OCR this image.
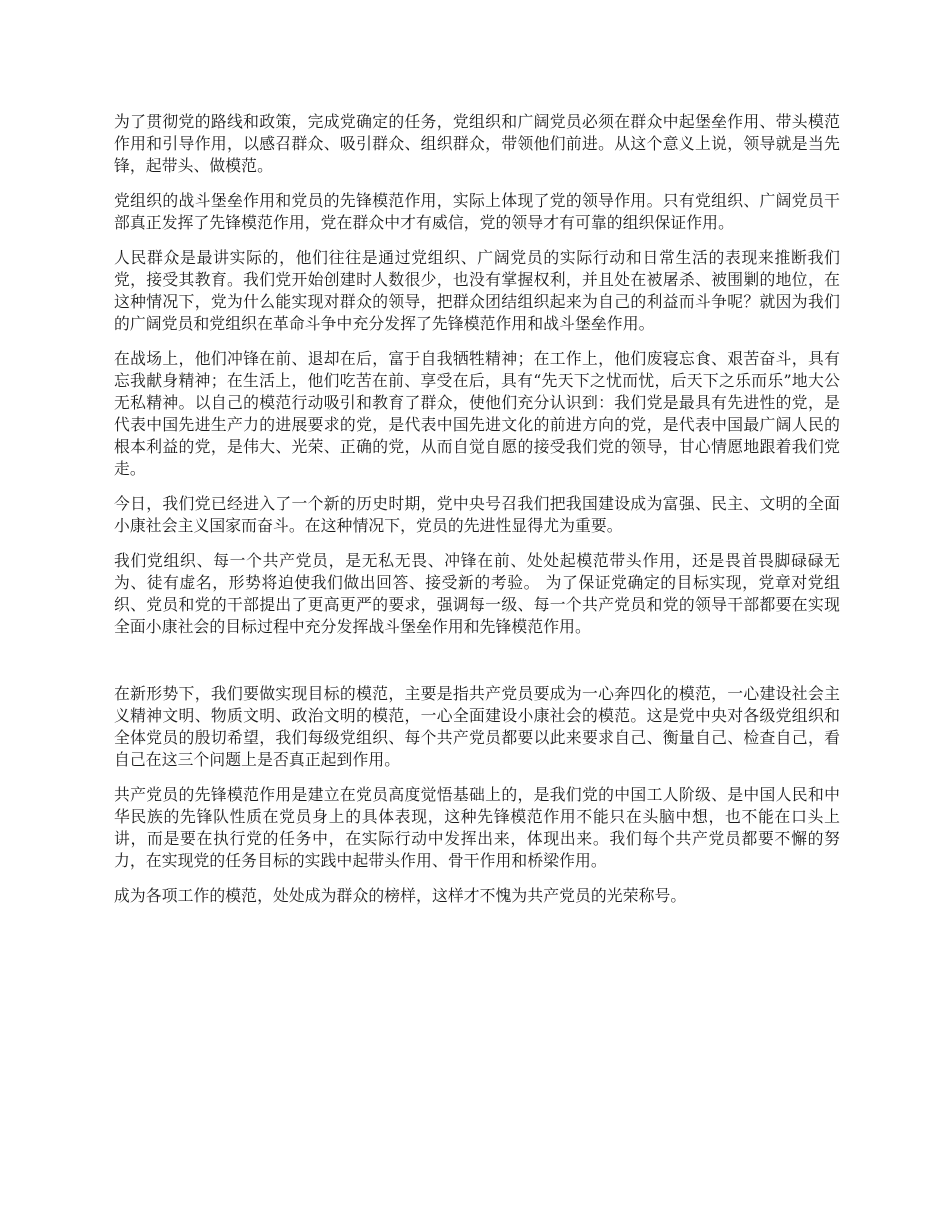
为了贯彻党的路线和政策，完成党确定的任务，党组织和广阔党员必须在群众中起堡垒作用、带头模范作用和引导作用，以感召群众、吸引群众、组织群众，带领他们前进。从这个意义上说，领导就是当先锋，起带头、做模范。

党组织的战斗堡垒作用和党员的先锋模范作用，实际上体现了党的领导作用。只有党组织、广阔党员干部真正发挥了先锋模范作用，党在群众中才有威信，党的领导才有可靠的组织保证作用。

人民群众是最讲实际的，他们往往是通过党组织、广阔党员的实际行动和日常生活的表现来推断我们党，接受其教育。我们党开始创建时人数很少，也没有掌握权利，并且处在被屠杀、被围剿的地位，在这种情况下，党为什么能实现对群众的领导，把群众团结组织起来为自己的利益而斗争呢？就因为我们的广阔党员和党组织在革命斗争中充分发挥了先锋模范作用和战斗堡垒作用。

在战场上，他们冲锋在前、退却在后，富于自我牺牲精神；在工作上，他们废寝忘食、艰苦奋斗，具有忘我献身精神；在生活上，他们吃苦在前、享受在后，具有“先天下之忧而忧，后天下之乐而乐”地大公无私精神。以自己的模范行动吸引和教育了群众，使他们充分认识到：我们党是最具有先进性的党，是代表中国先进生产力的进展要求的党，是代表中国先进文化的前进方向的党，是代表中国最广阔人民的根本利益的党，是伟大、光荣、正确的党，从而自觉自愿的接受我们党的领导，甘心情愿地跟着我们党走。

今日，我们党已经进入了一个新的历史时期，党中央号召我们把我国建设成为富强、民主、文明的全面小康社会主义国家而奋斗。在这种情况下，党员的先进性显得尤为重要。

我们党组织、每一个共产党员，是无私无畏、冲锋在前、处处起模范带头作用，还是畏首畏脚碌碌无为、徒有虚名，形势将迫使我们做出回答、接受新的考验。 为了保证党确定的目标实现，党章对党组织、党员和党的干部提出了更高更严的要求，强调每一级、每一个共产党员和党的领导干部都要在实现全面小康社会的目标过程中充分发挥战斗堡垒作用和先锋模范作用。

在新形势下，我们要做实现目标的模范，主要是指共产党员要成为一心奔四化的模范，一心建设社会主义精神文明、物质文明、政治文明的模范，一心全面建设小康社会的模范。这是党中央对各级党组织和全体党员的殷切希望，我们每级党组织、每个共产党员都要以此来要求自己、衡量自己、检查自己，看自己在这三个问题上是否真正起到作用。

共产党员的先锋模范作用是建立在党员高度觉悟基础上的，是我们党的中国工人阶级、是中国人民和中华民族的先锋队性质在党员身上的具体表现，这种先锋模范作用不能只在头脑中想，也不能在口头上讲，而是要在执行党的任务中，在实际行动中发挥出来，体现出来。我们每个共产党员都要不懈的努力，在实现党的任务目标的实践中起带头作用、骨干作用和桥梁作用。

成为各项工作的模范，处处成为群众的榜样，这样才不愧为共产党员的光荣称号。
